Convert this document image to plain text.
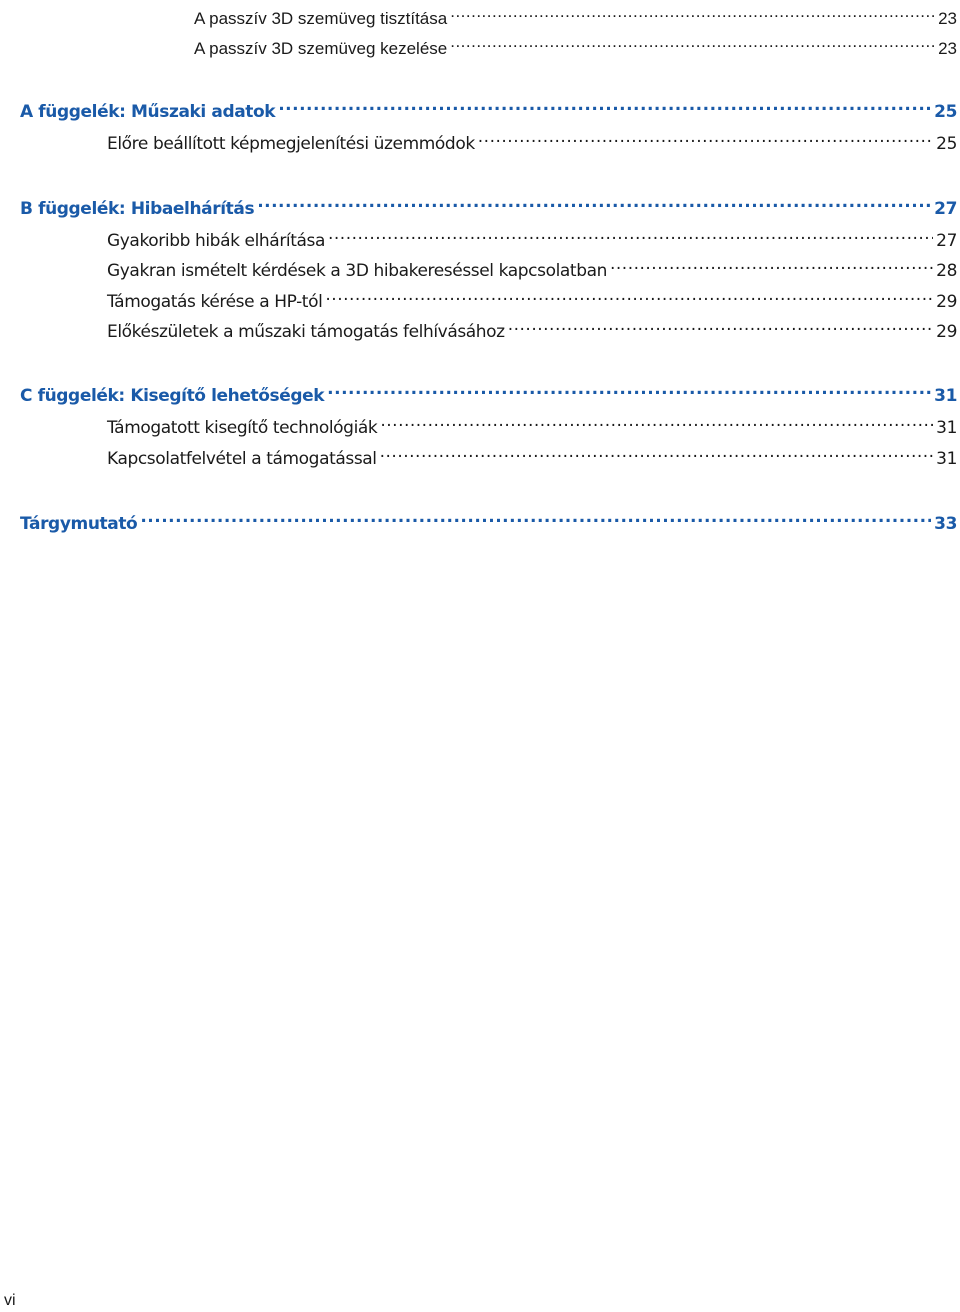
A passzív 3D szemüveg tisztítása .....	23
A passzív 3D szemüveg kezelése .....	23
A függelék: Műszaki adatok .....	25
Előre beállított képmegjelenítési üzemmódok .....	25
B függelék: Hibaelhárítás .....	27
Gyakoribb hibák elhárítása .....	27
Gyakran ismételt kérdések a 3D hibakereséssel kapcsolatban .....	28
Támogatás kérése a HP-tól .....	29
Előkészületek a műszaki támogatás felhívásához .....	29
C függelék: Kisegítő lehetőségek .....	31
Támogatott kisegítő technológiák .....	31
Kapcsolatfelvétel a támogatással .....	31
Tárgymutató .....	33
vi
